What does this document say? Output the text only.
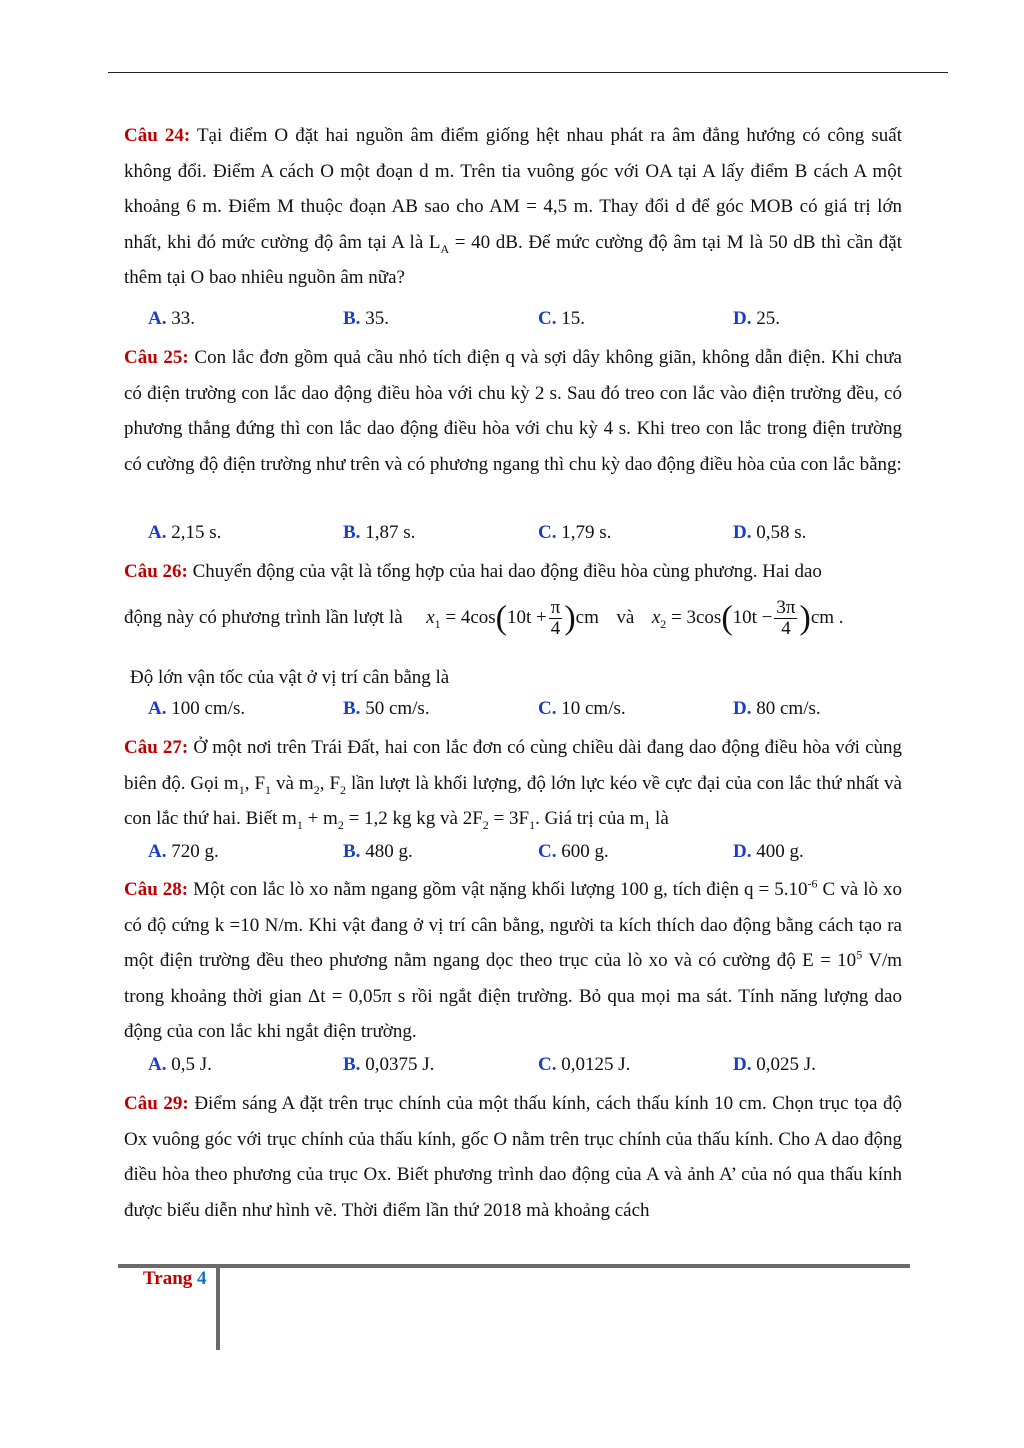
Câu 24: Tại điểm O đặt hai nguồn âm điểm giống hệt nhau phát ra âm đẳng hướng có công suất không đổi. Điểm A cách O một đoạn d m. Trên tia vuông góc với OA tại A lấy điểm B cách A một khoảng 6 m. Điểm M thuộc đoạn AB sao cho AM = 4,5 m. Thay đổi d để góc MOB có giá trị lớn nhất, khi đó mức cường độ âm tại A là $L_A = 40$ dB. Để mức cường độ âm tại M là 50 dB thì cần đặt thêm tại O bao nhiêu nguồn âm nữa?
A. 33.	B. 35.	C. 15.	D. 25.
Câu 25: Con lắc đơn gồm quả cầu nhỏ tích điện q và sợi dây không giãn, không dẫn điện. Khi chưa có điện trường con lắc dao động điều hòa với chu kỳ 2 s. Sau đó treo con lắc vào điện trường đều, có phương thẳng đứng thì con lắc dao động điều hòa với chu kỳ 4 s. Khi treo con lắc trong điện trường có cường độ điện trường như trên và có phương ngang thì chu kỳ dao động điều hòa của con lắc bằng:
A. 2,15 s.	B. 1,87 s.	C. 1,79 s.	D. 0,58 s.
Câu 26: Chuyển động của vật là tổng hợp của hai dao động điều hòa cùng phương. Hai dao
động này có phương trình lần lượt là $x_1 = 4\cos(10t + \frac{\pi}{4} )cm$ và $x_2 = 3\cos(10t - \frac{3\pi}{4} )cm$ .
Độ lớn vận tốc của vật ở vị trí cân bằng là
A. 100 cm/s.	B. 50 cm/s.	C. 10 cm/s.	D. 80 cm/s.
Câu 27: Ở một nơi trên Trái Đất, hai con lắc đơn có cùng chiều dài đang dao động điều hòa với cùng biên độ. Gọi $m_1$, $F_1$ và $m_2$, $F_2$ lần lượt là khối lượng, độ lớn lực kéo về cực đại của con lắc thứ nhất và con lắc thứ hai. Biết $m_1 + m_2 = 1,2$ kg kg và $2F_2 = 3F_1$. Giá trị của $m_1$ là
A. 720 g.	B. 480 g.	C. 600 g.	D. 400 g.
Câu 28: Một con lắc lò xo nằm ngang gồm vật nặng khối lượng 100 g, tích điện $q = 5.10^{-6}$ C và lò xo có độ cứng k =10 N/m. Khi vật đang ở vị trí cân bằng, người ta kích thích dao động bằng cách tạo ra một điện trường đều theo phương nằm ngang dọc theo trục của lò xo và có cường độ $E = 10^5$ V/m trong khoảng thời gian Δt = 0,05π s rồi ngắt điện trường. Bỏ qua mọi ma sát. Tính năng lượng dao động của con lắc khi ngắt điện trường.
A. 0,5 J.	B. 0,0375 J.	C. 0,0125 J.	D. 0,025 J.
Câu 29: Điểm sáng A đặt trên trục chính của một thấu kính, cách thấu kính 10 cm. Chọn trục tọa độ Ox vuông góc với trục chính của thấu kính, gốc O nằm trên trục chính của thấu kính. Cho A dao động điều hòa theo phương của trục Ox. Biết phương trình dao động của A và ảnh A’ của nó qua thấu kính được biểu diễn như hình vẽ. Thời điểm lần thứ 2018 mà khoảng cách
Trang 4
